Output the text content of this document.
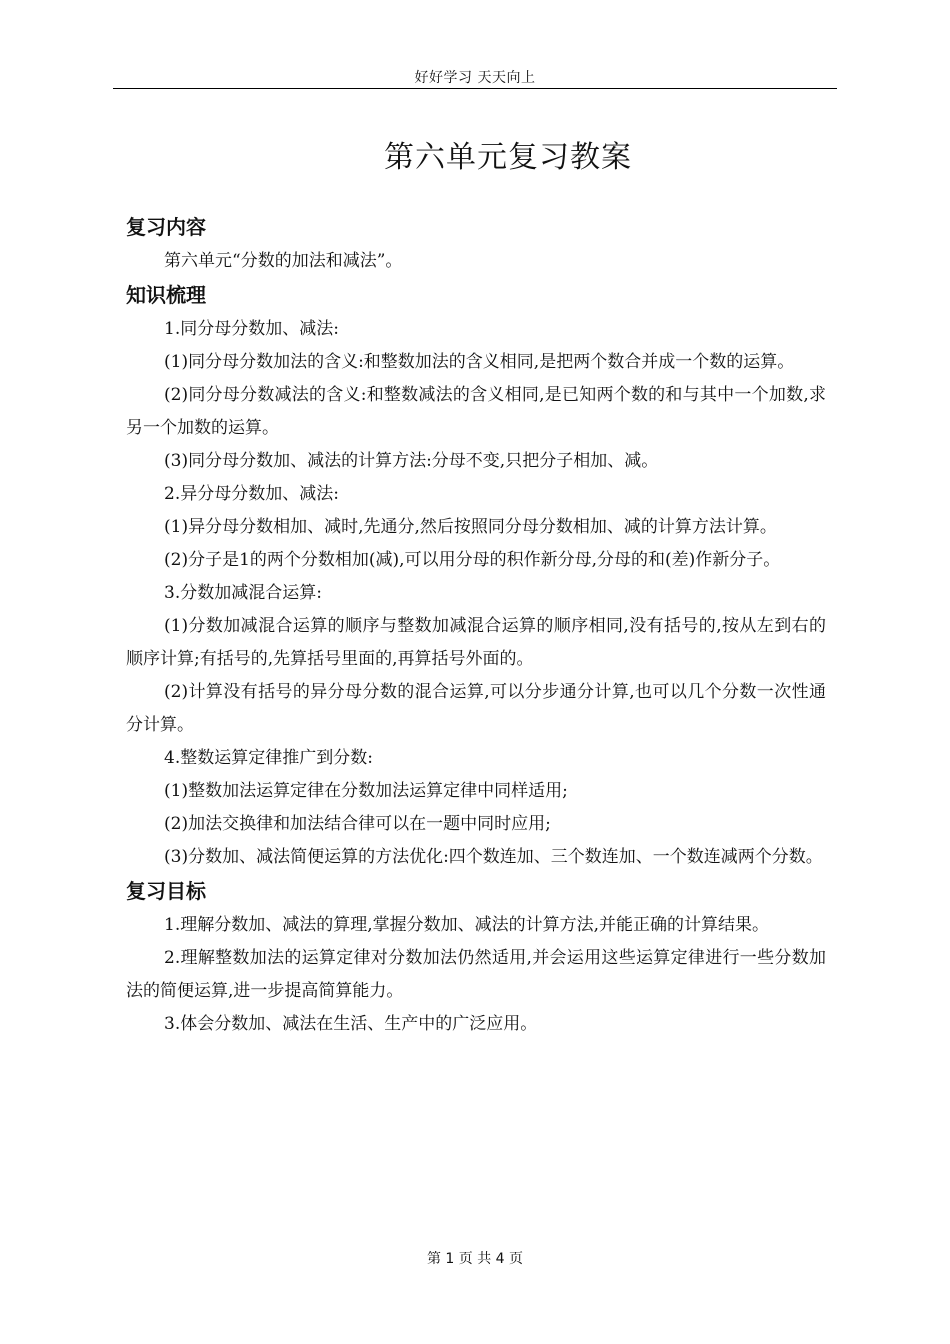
好好学习 天天向上
第六单元复习教案
复习内容

第六单元“分数的加法和减法”。

知识梳理

1.同分母分数加、减法:

(1)同分母分数加法的含义:和整数加法的含义相同,是把两个数合并成一个数的运算。

(2)同分母分数减法的含义:和整数减法的含义相同,是已知两个数的和与其中一个加数,求另一个加数的运算。

(3)同分母分数加、减法的计算方法:分母不变,只把分子相加、减。

2.异分母分数加、减法:

(1)异分母分数相加、减时,先通分,然后按照同分母分数相加、减的计算方法计算。

(2)分子是1的两个分数相加(减),可以用分母的积作新分母,分母的和(差)作新分子。

3.分数加减混合运算:

(1)分数加减混合运算的顺序与整数加减混合运算的顺序相同,没有括号的,按从左到右的顺序计算;有括号的,先算括号里面的,再算括号外面的。

(2)计算没有括号的异分母分数的混合运算,可以分步通分计算,也可以几个分数一次性通分计算。

4.整数运算定律推广到分数:

(1)整数加法运算定律在分数加法运算定律中同样适用;

(2)加法交换律和加法结合律可以在一题中同时应用;

(3)分数加、减法简便运算的方法优化:四个数连加、三个数连加、一个数连减两个分数。

复习目标

1.理解分数加、减法的算理,掌握分数加、减法的计算方法,并能正确的计算结果。

2.理解整数加法的运算定律对分数加法仍然适用,并会运用这些运算定律进行一些分数加法的简便运算,进一步提高简算能力。

3.体会分数加、减法在生活、生产中的广泛应用。

第 1 页 共 4 页
